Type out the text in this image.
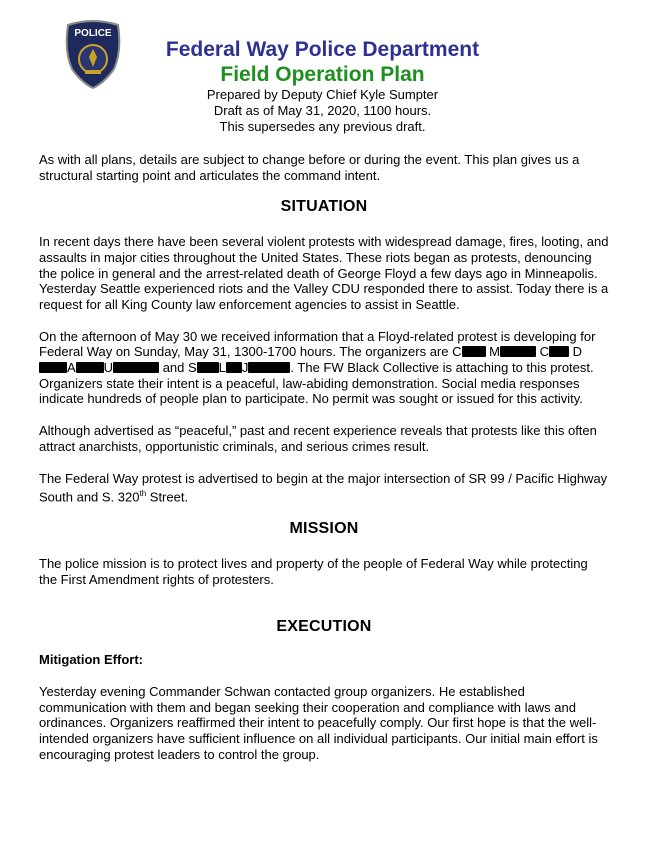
POLICE
Federal Way Police Department
Field Operation Plan
Prepared by Deputy Chief Kyle Sumpter
Draft as of May 31, 2020, 1100 hours.
This supersedes any previous draft.

As with all plans, details are subject to change before or during the event. This plan gives us a structural starting point and articulates the command intent.

SITUATION

In recent days there have been several violent protests with widespread damage, fires, looting, and assaults in major cities throughout the United States. These riots began as protests, denouncing the police in general and the arrest-related death of George Floyd a few days ago in Minneapolis. Yesterday Seattle experienced riots and the Valley CDU responded there to assist. Today there is a request for all King County law enforcement agencies to assist in Seattle.

On the afternoon of May 30 we received information that a Floyd-related protest is developing for Federal Way on Sunday, May 31, 1300-1700 hours. The organizers are C M	C DA U	and S L J	. The FW Black Collective is attaching to this protest. Organizers state their intent is a peaceful, law-abiding demonstration. Social media responses indicate hundreds of people plan to participate. No permit was sought or issued for this activity.

Although advertised as “peaceful,” past and recent experience reveals that protests like this often attract anarchists, opportunistic criminals, and serious crimes result.

The Federal Way protest is advertised to begin at the major intersection of SR 99 / Pacific Highway South and S. 320th Street.

MISSION

The police mission is to protect lives and property of the people of Federal Way while protecting the First Amendment rights of protesters.

EXECUTION

Mitigation Effort:

Yesterday evening Commander Schwan contacted group organizers. He established communication with them and began seeking their cooperation and compliance with laws and ordinances. Organizers reaffirmed their intent to peacefully comply. Our first hope is that the well-intended organizers have sufficient influence on all individual participants. Our initial main effort is encouraging protest leaders to control the group.
